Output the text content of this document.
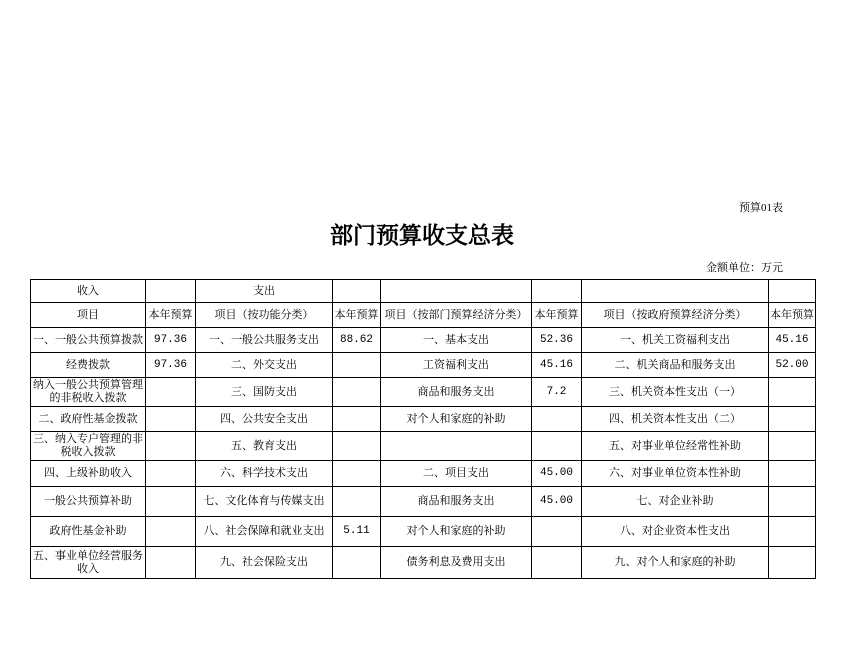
预算01表
部门预算收支总表
金额单位：万元
收入		支出					
项目	本年预算	项目（按功能分类）	本年预算	项目（按部门预算经济分类）	本年预算	项目（按政府预算经济分类）	本年预算
一、一般公共预算拨款	97.36	一、一般公共服务支出	88.62	一、基本支出	52.36	一、机关工资福利支出	45.16
经费拨款	97.36	二、外交支出		工资福利支出	45.16	二、机关商品和服务支出	52.00
纳入一般公共预算管理的非税收入拨款		三、国防支出		商品和服务支出	7.2	三、机关资本性支出（一）	
二、政府性基金拨款		四、公共安全支出		对个人和家庭的补助		四、机关资本性支出（二）	
三、纳入专户管理的非税收入拨款		五、教育支出				五、对事业单位经常性补助	
四、上级补助收入		六、科学技术支出		二、项目支出	45.00	六、对事业单位资本性补助	
一般公共预算补助		七、文化体育与传媒支出		商品和服务支出	45.00	七、对企业补助	
政府性基金补助		八、社会保障和就业支出	5.11	对个人和家庭的补助		八、对企业资本性支出	
五、事业单位经营服务收入		九、社会保险支出		债务利息及费用支出		九、对个人和家庭的补助	
